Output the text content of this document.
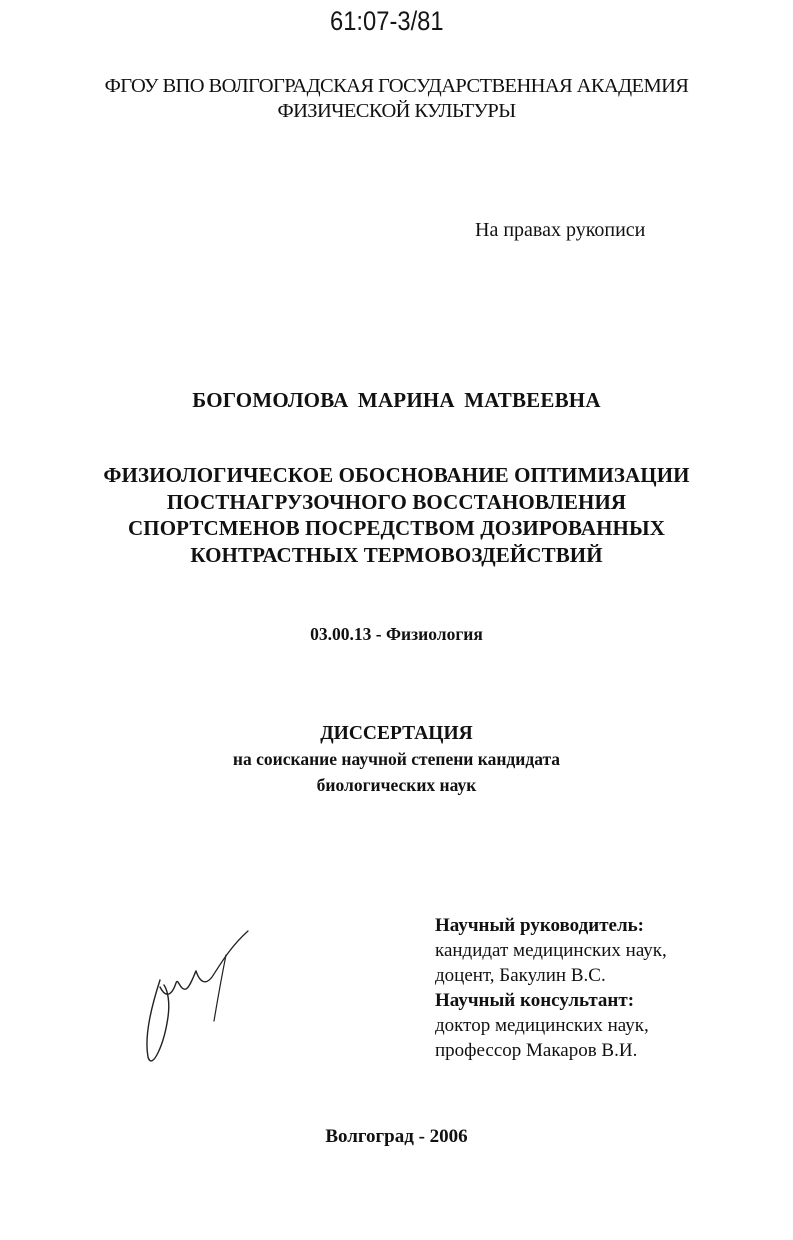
61:07-3/81
ФГОУ ВПО ВОЛГОГРАДСКАЯ ГОСУДАРСТВЕННАЯ АКАДЕМИЯ
ФИЗИЧЕСКОЙ КУЛЬТУРЫ
На правах рукописи
БОГОМОЛОВА МАРИНА МАТВЕЕВНА
ФИЗИОЛОГИЧЕСКОЕ ОБОСНОВАНИЕ ОПТИМИЗАЦИИ
ПОСТНАГРУЗОЧНОГО ВОССТАНОВЛЕНИЯ
СПОРТСМЕНОВ ПОСРЕДСТВОМ ДОЗИРОВАННЫХ
КОНТРАСТНЫХ ТЕРМОВОЗДЕЙСТВИЙ
03.00.13 - Физиология
ДИССЕРТАЦИЯ
на соискание научной степени кандидата
биологических наук
Научный руководитель:
кандидат медицинских наук,
доцент, Бакулин В.С.
Научный консультант:
доктор медицинских наук,
профессор Макаров В.И.
Волгоград - 2006
